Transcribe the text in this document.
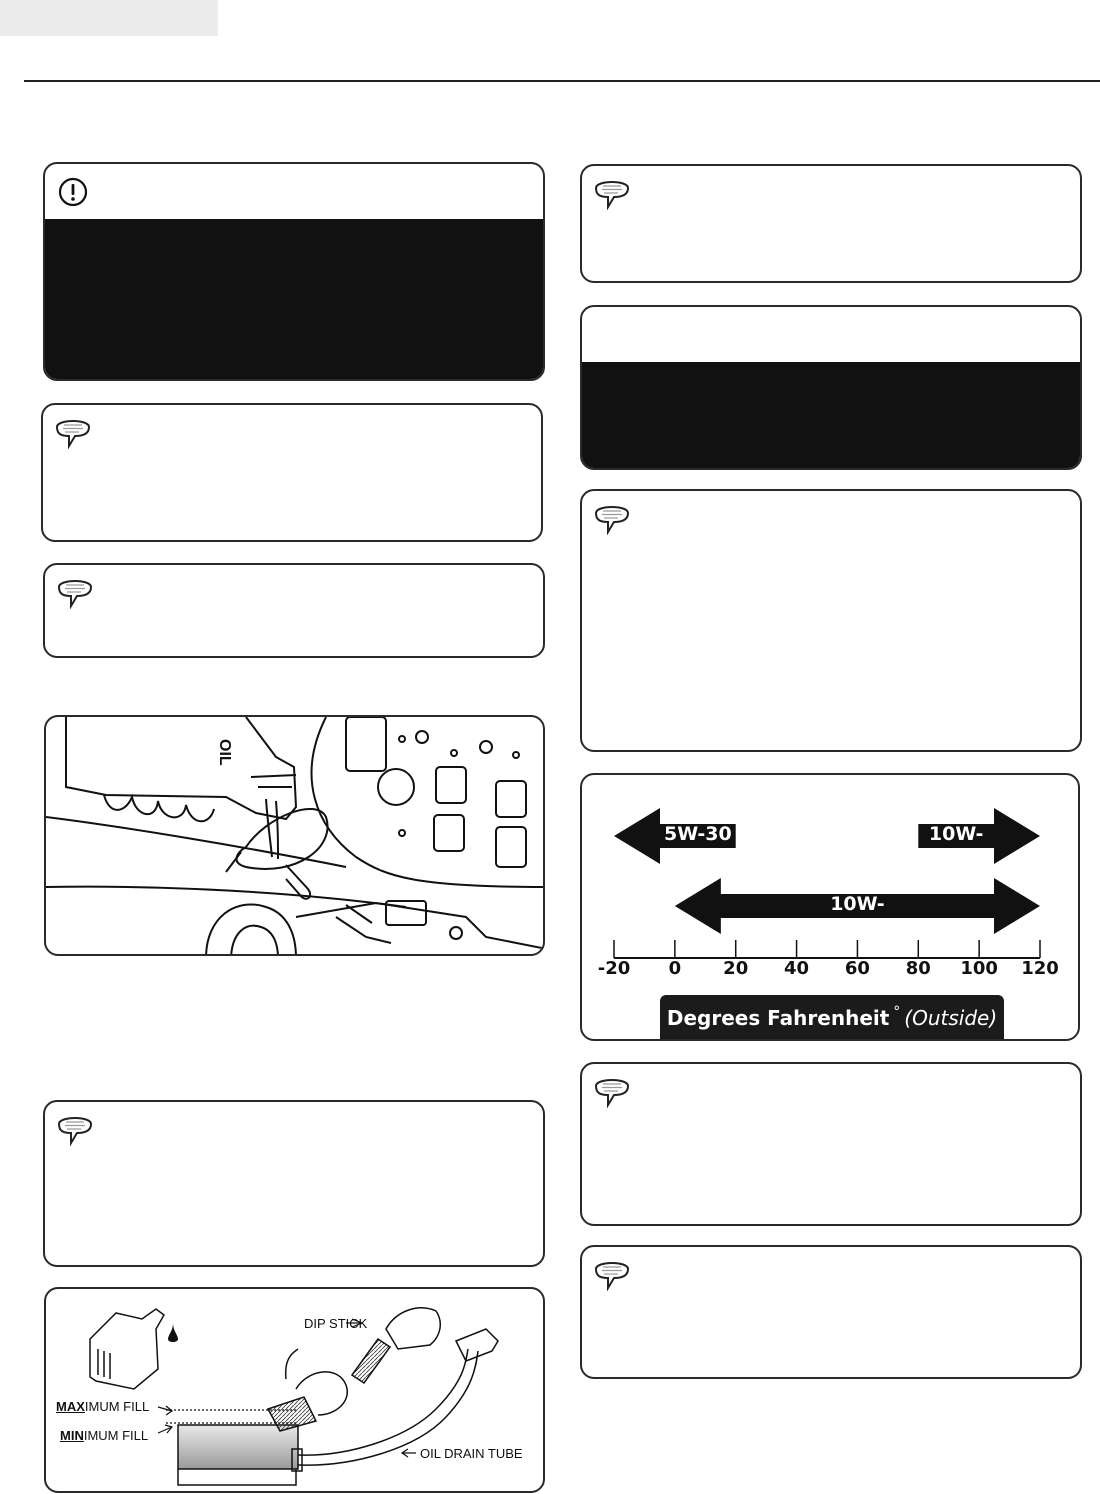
OIL
DIP STICK
MAXIMUM FILL
MINIMUM FILL
OIL DRAIN TUBE
-20	0	20	40	60	80	100 120
5W-30	10W-40
10W-30
Degrees Fahrenheit ° (Outside)
